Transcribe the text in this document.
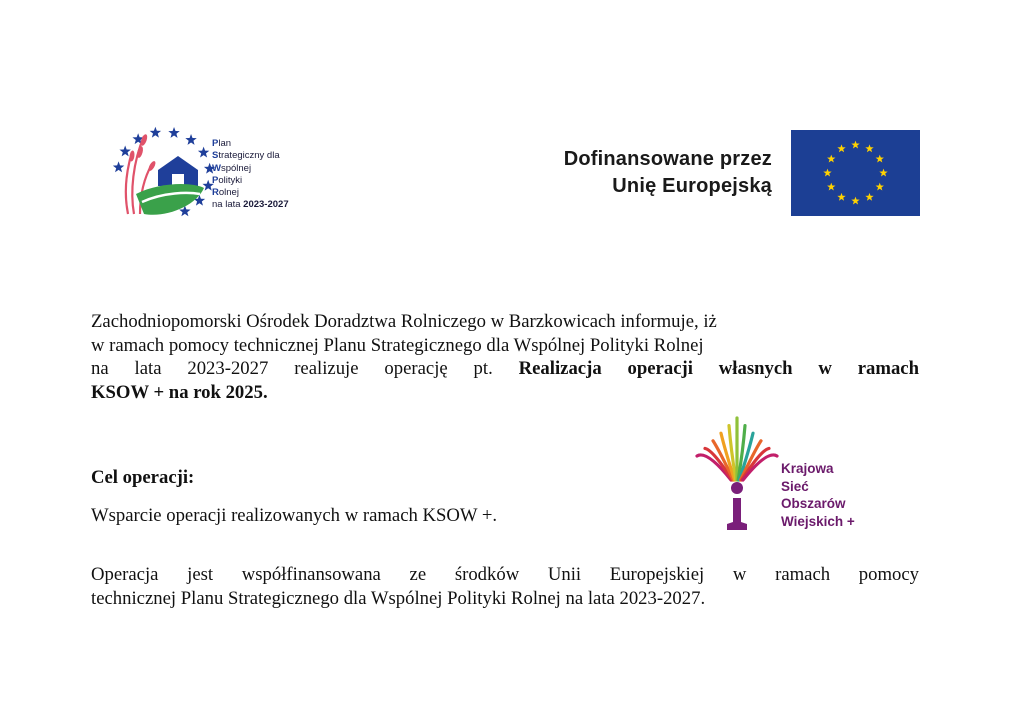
Plan
Strategiczny dla
Wspólnej
Polityki
Rolnej
na lata 2023-2027
Dofinansowane przez
Unię Europejską
Zachodniopomorski Ośrodek Doradztwa Rolniczego w Barzkowicach informuje, iż
w ramach pomocy technicznej Planu Strategicznego dla Wspólnej Polityki Rolnej
na lata 2023-2027 realizuje operację pt. Realizacja operacji własnych w ramach
KSOW + na rok 2025.
Cel operacji:
Wsparcie operacji realizowanych w ramach KSOW +.
Krajowa
Sieć
Obszarów
Wiejskich +
Operacja jest współfinansowana ze środków Unii Europejskiej w ramach pomocy
technicznej Planu Strategicznego dla Wspólnej Polityki Rolnej na lata 2023-2027.
